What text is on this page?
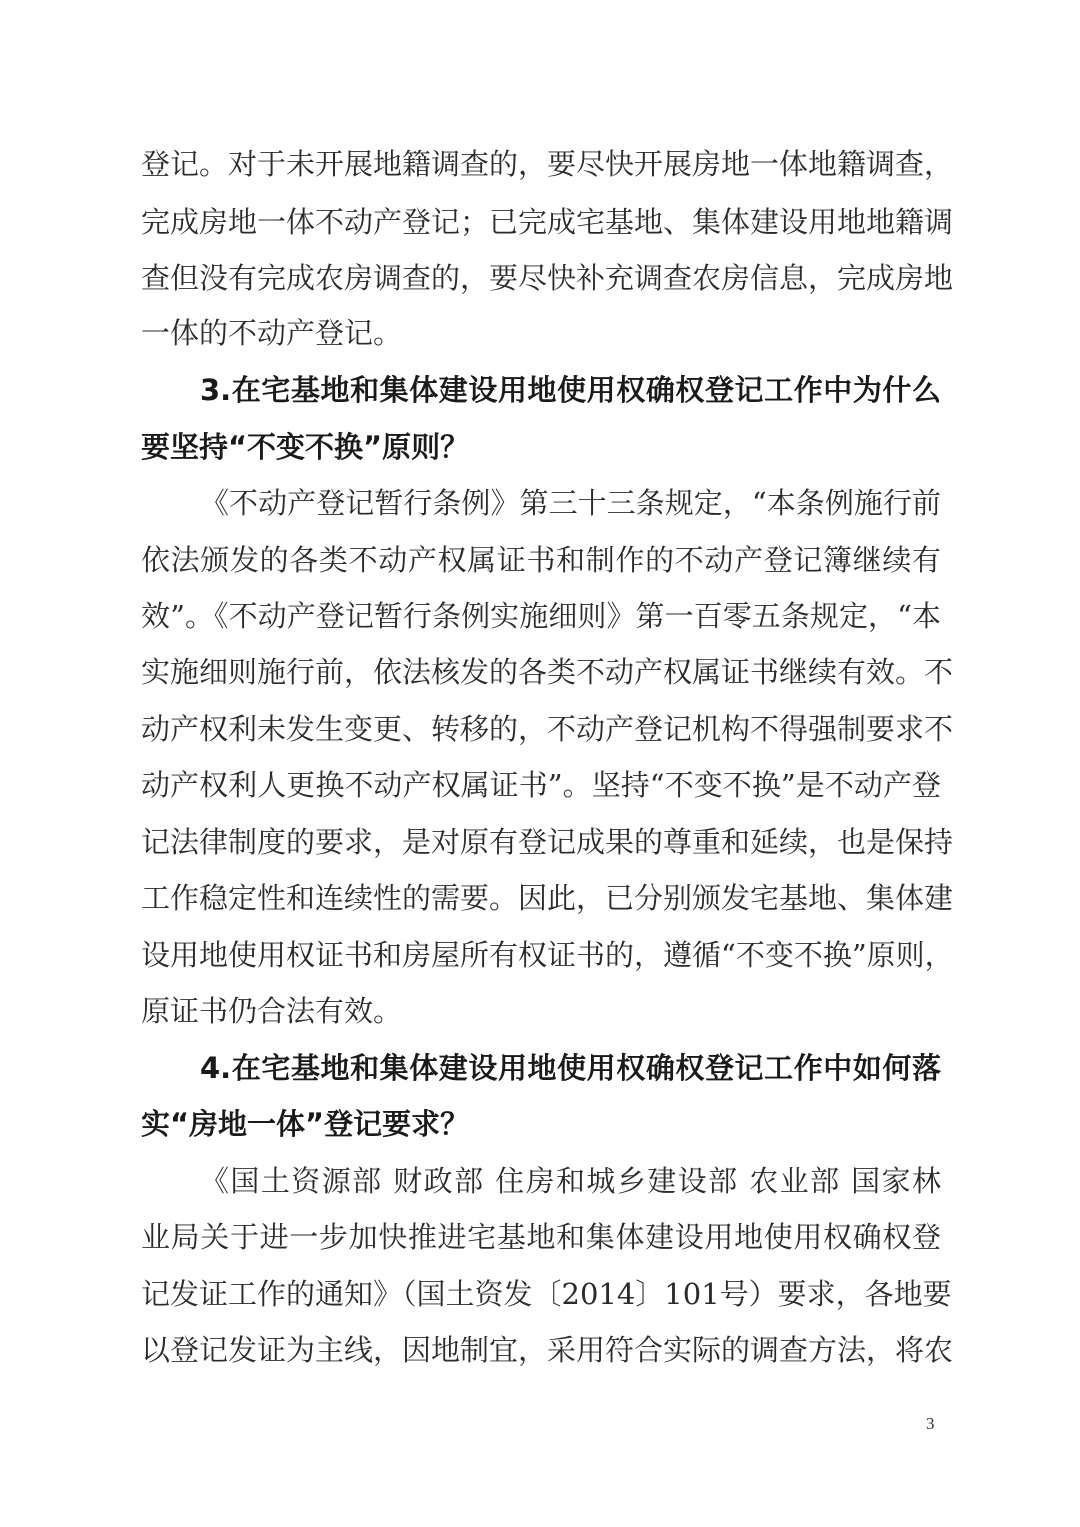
登记。对于未开展地籍调查的，要尽快开展房地一体地籍调查，
完成房地一体不动产登记；已完成宅基地、集体建设用地地籍调
查但没有完成农房调查的，要尽快补充调查农房信息，完成房地
一体的不动产登记。
3.在宅基地和集体建设用地使用权确权登记工作中为什么
要坚持“不变不换”原则？
《不动产登记暂行条例》第三十三条规定，“本条例施行前
依法颁发的各类不动产权属证书和制作的不动产登记簿继续有
效”。《不动产登记暂行条例实施细则》第一百零五条规定，“本
实施细则施行前，依法核发的各类不动产权属证书继续有效。不
动产权利未发生变更、转移的，不动产登记机构不得强制要求不
动产权利人更换不动产权属证书”。坚持“不变不换”是不动产登
记法律制度的要求，是对原有登记成果的尊重和延续，也是保持
工作稳定性和连续性的需要。因此，已分别颁发宅基地、集体建
设用地使用权证书和房屋所有权证书的，遵循“不变不换”原则，
原证书仍合法有效。
4.在宅基地和集体建设用地使用权确权登记工作中如何落
实“房地一体”登记要求？
《国土资源部 财政部 住房和城乡建设部 农业部 国家林
业局关于进一步加快推进宅基地和集体建设用地使用权确权登
记发证工作的通知》（国土资发〔2014〕101号）要求，各地要
以登记发证为主线，因地制宜，采用符合实际的调查方法，将农
3
